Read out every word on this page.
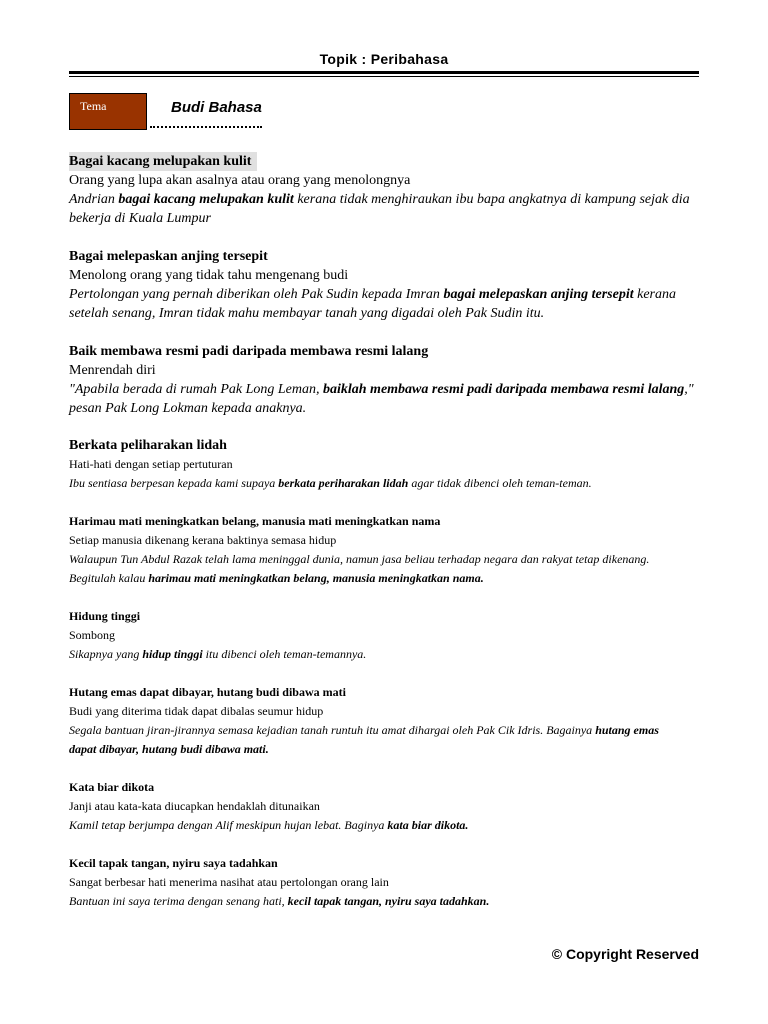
Topik : Peribahasa
Tema	Budi Bahasa
Bagai kacang melupakan kulit
Orang yang lupa akan asalnya atau orang yang menolongnya
Andrian bagai kacang melupakan kulit kerana tidak menghiraukan ibu bapa angkatnya di kampung sejak dia bekerja di Kuala Lumpur
Bagai melepaskan anjing tersepit
Menolong orang yang tidak tahu mengenang budi
Pertolongan yang pernah diberikan oleh Pak Sudin kepada Imran bagai melepaskan anjing tersepit kerana setelah senang, Imran tidak mahu membayar tanah yang digadai oleh Pak Sudin itu.
Baik membawa resmi padi daripada membawa resmi lalang
Menrendah diri
"Apabila berada di rumah Pak Long Leman, baiklah membawa resmi padi daripada membawa resmi lalang," pesan Pak Long Lokman kepada anaknya.
Berkata peliharakan lidah
Hati-hati dengan setiap pertuturan
Ibu sentiasa berpesan kepada kami supaya berkata periharakan lidah agar tidak dibenci oleh teman-teman.
Harimau mati meningkatkan belang, manusia mati meningkatkan nama
Setiap manusia dikenang kerana baktinya semasa hidup
Walaupun Tun Abdul Razak telah lama meninggal dunia, namun jasa beliau terhadap negara dan rakyat tetap dikenang. Begitulah kalau harimau mati meningkatkan belang, manusia meningkatkan nama.
Hidung tinggi
Sombong
Sikapnya yang hidup tinggi itu dibenci oleh teman-temannya.
Hutang emas dapat dibayar, hutang budi dibawa mati
Budi yang diterima tidak dapat dibalas seumur hidup
Segala bantuan jiran-jirannya semasa kejadian tanah runtuh itu amat dihargai oleh Pak Cik Idris. Bagainya hutang emas dapat dibayar, hutang budi dibawa mati.
Kata biar dikota
Janji atau kata-kata diucapkan hendaklah ditunaikan
Kamil tetap berjumpa dengan Alif meskipun hujan lebat. Baginya kata biar dikota.
Kecil tapak tangan, nyiru saya tadahkan
Sangat berbesar hati menerima nasihat atau pertolongan orang lain
Bantuan ini saya terima dengan senang hati, kecil tapak tangan, nyiru saya tadahkan.
© Copyright Reserved
